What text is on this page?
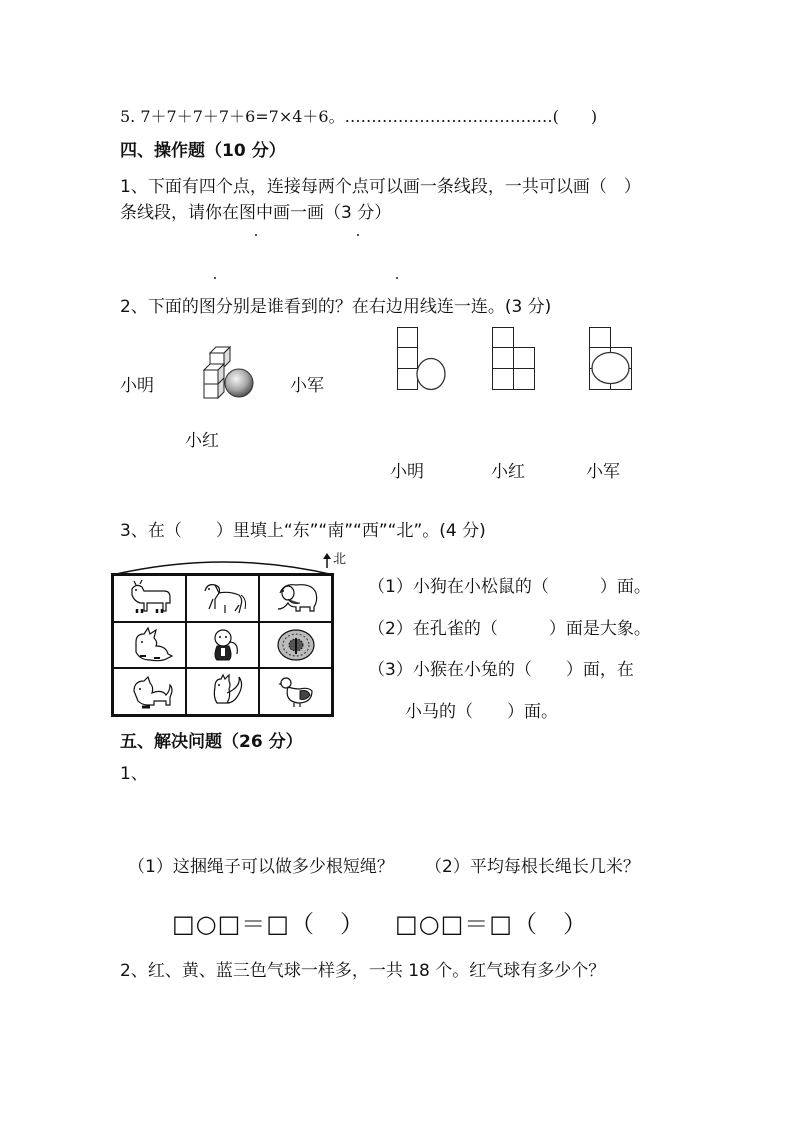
5. 7＋7＋7＋7＋6=7×4＋6。…………………………………(　　)
四、操作题（10 分）
1、下面有四个点，连接每两个点可以画一条线段，一共可以画（　）
条线段，请你在图中画一画（3 分）
2、下面的图分别是谁看到的？在右边用线连一连。(3 分)
小明	小军
小红
小明	小红	小军
3、在（　　）里填上“东”“南”“西”“北”。(4 分)
北
（1）小狗在小松鼠的（　　　）面。
（2）在孔雀的（　　　）面是大象。
（3）小猴在小兔的（　　）面，在
小马的（　　）面。
五、解决问题（26 分）
1、
（1）这捆绳子可以做多少根短绳？ （2）平均每根长绳长几米？
□○□＝□（　） □○□＝□（　）
2、红、黄、蓝三色气球一样多，一共 18 个。红气球有多少个？
